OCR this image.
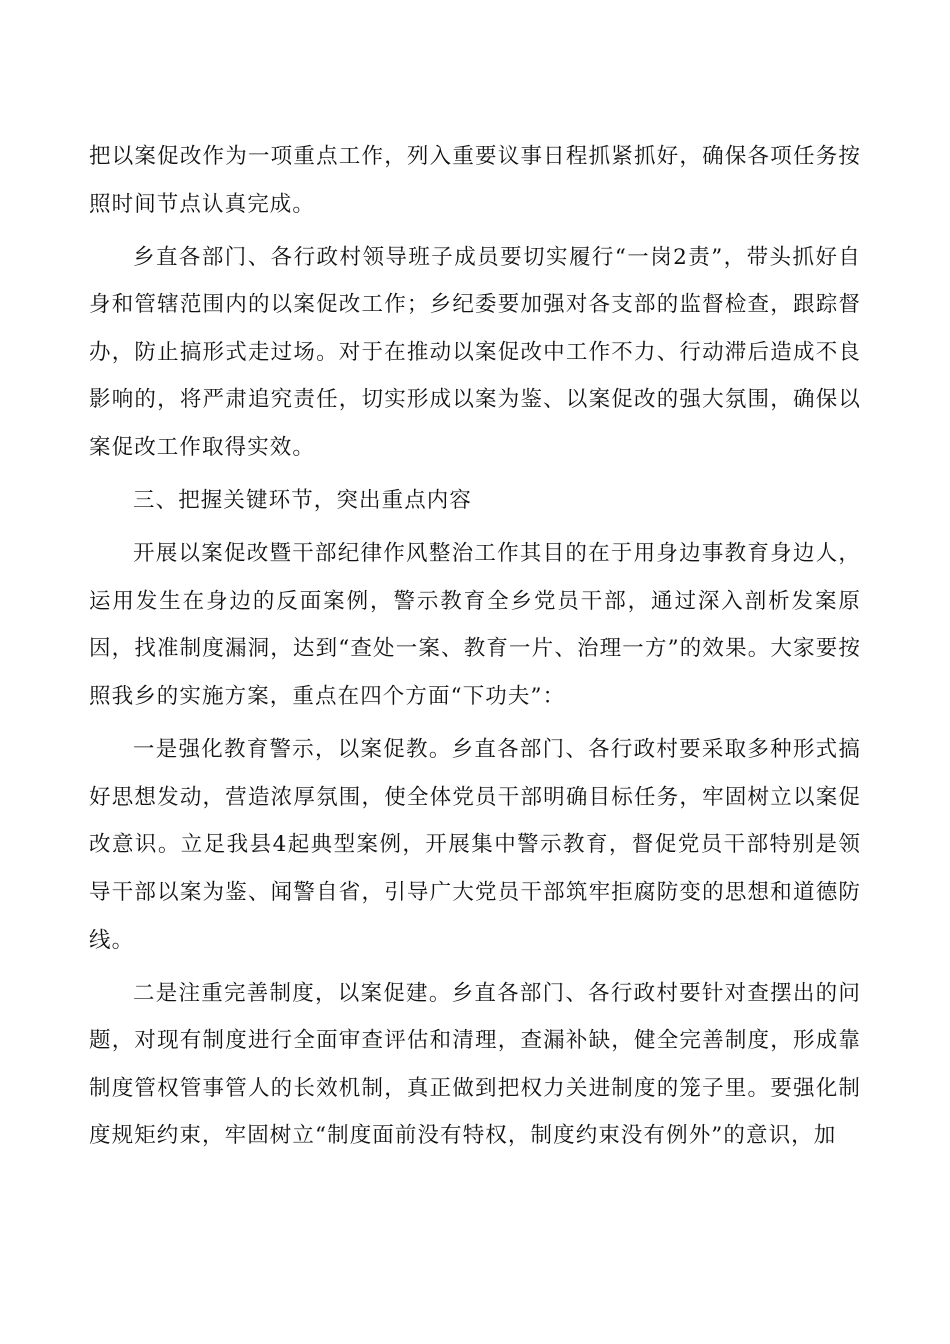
把以案促改作为一项重点工作，列入重要议事日程抓紧抓好，确保各项任务按照时间节点认真完成。

乡直各部门、各行政村领导班子成员要切实履行“一岗2责”，带头抓好自身和管辖范围内的以案促改工作；乡纪委要加强对各支部的监督检查，跟踪督办，防止搞形式走过场。对于在推动以案促改中工作不力、行动滞后造成不良影响的，将严肃追究责任，切实形成以案为鉴、以案促改的强大氛围，确保以案促改工作取得实效。

三、把握关键环节，突出重点内容

开展以案促改暨干部纪律作风整治工作其目的在于用身边事教育身边人，运用发生在身边的反面案例，警示教育全乡党员干部，通过深入剖析发案原因，找准制度漏洞，达到“查处一案、教育一片、治理一方”的效果。大家要按照我乡的实施方案，重点在四个方面“下功夫”：

一是强化教育警示，以案促教。乡直各部门、各行政村要采取多种形式搞好思想发动，营造浓厚氛围，使全体党员干部明确目标任务，牢固树立以案促改意识。立足我县4起典型案例，开展集中警示教育，督促党员干部特别是领导干部以案为鉴、闻警自省，引导广大党员干部筑牢拒腐防变的思想和道德防线。

二是注重完善制度，以案促建。乡直各部门、各行政村要针对查摆出的问题，对现有制度进行全面审查评估和清理，查漏补缺，健全完善制度，形成靠制度管权管事管人的长效机制，真正做到把权力关进制度的笼子里。要强化制度规矩约束，牢固树立“制度面前没有特权，制度约束没有例外”的意识，加
